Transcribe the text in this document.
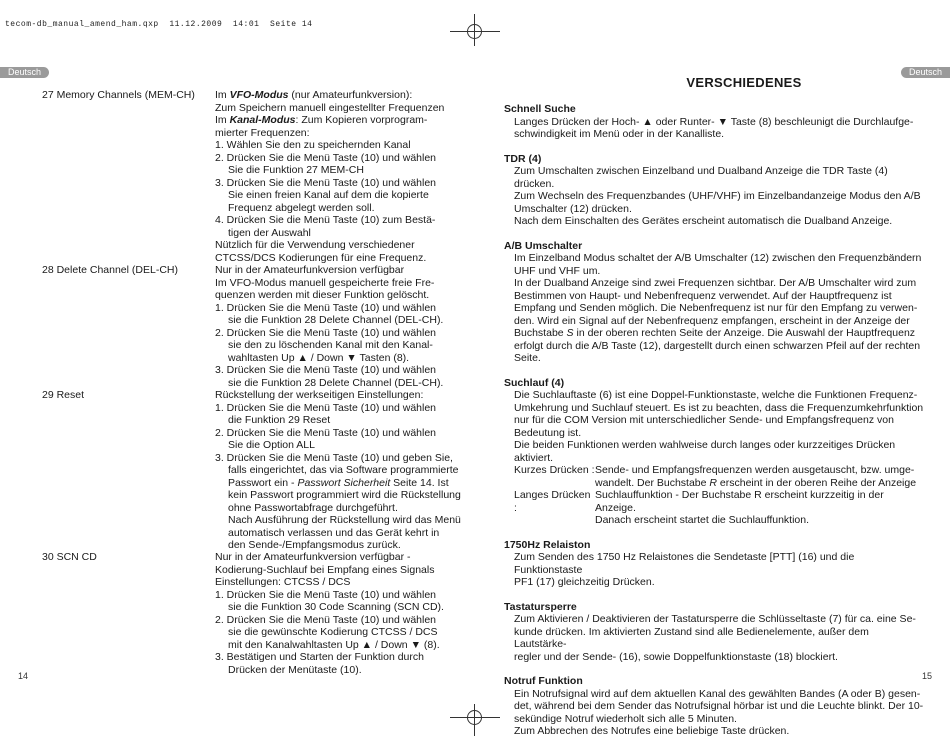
tecom-db_manual_amend_ham.qxp  11.12.2009  14:01  Seite 14
Deutsch	Deutsch
27 Memory Channels (MEM-CH) Im VFO-Modus (nur Amateurfunkversion):
Zum Speichern manuell eingestellter Frequenzen
Im Kanal-Modus: Zum Kopieren vorprogram-
mierter Frequenzen:
1. Wählen Sie den zu speichernden Kanal
2. Drücken Sie die Menü Taste (10) und wählen
Sie die Funktion 27 MEM-CH
3. Drücken Sie die Menü Taste (10) und wählen
Sie einen freien Kanal auf dem die kopierte
Frequenz abgelegt werden soll.
4. Drücken Sie die Menü Taste (10) zum Bestä-
tigen der Auswahl
Nützlich für die Verwendung verschiedener
CTCSS/DCS Kodierungen für eine Frequenz.
28 Delete Channel (DEL-CH)	Nur in der Amateurfunkversion verfügbar
Im VFO-Modus manuell gespeicherte freie Fre-
quenzen werden mit dieser Funktion gelöscht.
1. Drücken Sie die Menü Taste (10) und wählen
sie die Funktion 28 Delete Channel (DEL-CH).
2. Drücken Sie die Menü Taste (10) und wählen
sie den zu löschenden Kanal mit den Kanal-
wahltasten Up ▲ / Down ▼ Tasten (8).
3. Drücken Sie die Menü Taste (10) und wählen
sie die Funktion 28 Delete Channel (DEL-CH).
29 Reset	Rückstellung der werkseitigen Einstellungen:
1. Drücken Sie die Menü Taste (10) und wählen
die Funktion 29 Reset
2. Drücken Sie die Menü Taste (10) und wählen
Sie die Option ALL
3. Drücken Sie die Menü Taste (10) und geben Sie,
falls eingerichtet, das via Software programmierte
Passwort ein - Passwort Sicherheit Seite 14. Ist
kein Passwort programmiert wird die Rückstellung
ohne Passwortabfrage durchgeführt.
Nach Ausführung der Rückstellung wird das Menü
automatisch verlassen und das Gerät kehrt in
den Sende-/Empfangsmodus zurück.
30 SCN CD	Nur in der Amateurfunkversion verfügbar -
Kodierung-Suchlauf bei Empfang eines Signals
Einstellungen: CTCSS / DCS
1. Drücken Sie die Menü Taste (10) und wählen
sie die Funktion 30 Code Scanning (SCN CD).
2. Drücken Sie die Menü Taste (10) und wählen
sie die gewünschte Kodierung CTCSS / DCS
mit den Kanalwahltasten Up ▲ / Down ▼ (8).
3. Bestätigen und Starten der Funktion durch
Drücken der Menütaste (10).
14
VERSCHIEDENES
Schnell Suche

Langes Drücken der Hoch- ▲ oder Runter- ▼ Taste (8) beschleunigt die Durchlaufge-

schwindigkeit im Menü oder in der Kanalliste.

TDR (4)

Zum Umschalten zwischen Einzelband und Dualband Anzeige die TDR Taste (4) drücken.

Zum Wechseln des Frequenzbandes (UHF/VHF) im Einzelbandanzeige Modus den A/B

Umschalter (12) drücken.

Nach dem Einschalten des Gerätes erscheint automatisch die Dualband Anzeige.

A/B Umschalter

Im Einzelband Modus schaltet der A/B Umschalter (12) zwischen den Frequenzbändern

UHF und VHF um.

In der Dualband Anzeige sind zwei Frequenzen sichtbar. Der A/B Umschalter wird zum

Bestimmen von Haupt- und Nebenfrequenz verwendet. Auf der Hauptfrequenz ist

Empfang und Senden möglich. Die Nebenfrequenz ist nur für den Empfang zu verwen-

den. Wird ein Signal auf der Nebenfrequenz empfangen, erscheint in der Anzeige der

Buchstabe S in der oberen rechten Seite der Anzeige. Die Auswahl der Hauptfrequenz

erfolgt durch die A/B Taste (12), dargestellt durch einen schwarzen Pfeil auf der rechten

Seite.

Suchlauf (4)

Die Suchlauftaste (6) ist eine Doppel-Funktionstaste, welche die Funktionen Frequenz-

Umkehrung und Suchlauf steuert. Es ist zu beachten, dass die Frequenzumkehrfunktion

nur für die COM Version mit unterschiedlicher Sende- und Empfangsfrequenz von

Bedeutung ist.

Die beiden Funktionen werden wahlweise durch langes oder kurzzeitiges Drücken aktiviert.

Kurzes Drücken : Sende- und Empfangsfrequenzen werden ausgetauscht, bzw. umge-
wandelt. Der Buchstabe R erscheint in der oberen Reihe der Anzeige
Langes Drücken :
Suchlauffunktion - Der Buchstabe R erscheint kurzzeitig in der Anzeige.
Danach erscheint startet die Suchlauffunktion.
1750Hz Relaiston

Zum Senden des 1750 Hz Relaistones die Sendetaste [PTT] (16) und die Funktionstaste

PF1 (17) gleichzeitig Drücken.

Tastatursperre

Zum Aktivieren / Deaktivieren der Tastatursperre die Schlüsseltaste (7) für ca. eine Se-

kunde drücken. Im aktivierten Zustand sind alle Bedienelemente, außer dem Lautstärke-

regler und der Sende- (16), sowie Doppelfunktionstaste (18) blockiert.

Notruf Funktion

Ein Notrufsignal wird auf dem aktuellen Kanal des gewählten Bandes (A oder B) gesen-

det, während bei dem Sender das Notrufsignal hörbar ist und die Leuchte blinkt. Der 10-

sekündige Notruf wiederholt sich alle 5 Minuten.

Zum Abbrechen des Notrufes eine beliebige Taste drücken.

15
